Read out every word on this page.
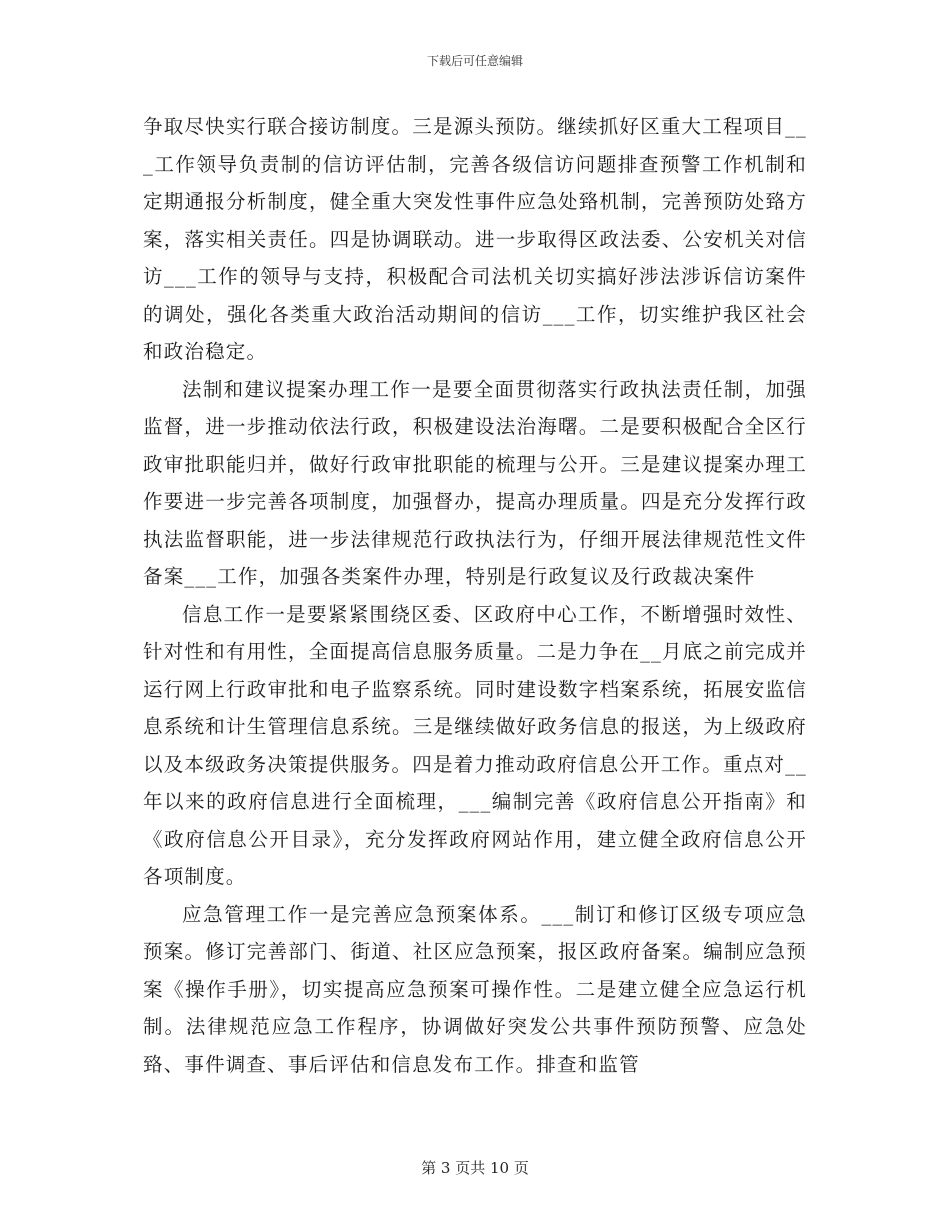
下载后可任意编辑

争取尽快实行联合接访制度。三是源头预防。继续抓好区重大工程项目___工作领导负责制的信访评估制，完善各级信访问题排查预警工作机制和定期通报分析制度，健全重大突发性事件应急处臵机制，完善预防处臵方案，落实相关责任。四是协调联动。进一步取得区政法委、公安机关对信访___工作的领导与支持，积极配合司法机关切实搞好涉法涉诉信访案件的调处，强化各类重大政治活动期间的信访___工作，切实维护我区社会和政治稳定。

法制和建议提案办理工作一是要全面贯彻落实行政执法责任制，加强监督，进一步推动依法行政，积极建设法治海曙。二是要积极配合全区行政审批职能归并，做好行政审批职能的梳理与公开。三是建议提案办理工作要进一步完善各项制度，加强督办，提高办理质量。四是充分发挥行政执法监督职能，进一步法律规范行政执法行为，仔细开展法律规范性文件备案___工作，加强各类案件办理，特别是行政复议及行政裁决案件

信息工作一是要紧紧围绕区委、区政府中心工作，不断增强时效性、针对性和有用性，全面提高信息服务质量。二是力争在__月底之前完成并运行网上行政审批和电子监察系统。同时建设数字档案系统，拓展安监信息系统和计生管理信息系统。三是继续做好政务信息的报送，为上级政府以及本级政务决策提供服务。四是着力推动政府信息公开工作。重点对__年以来的政府信息进行全面梳理，___编制完善《政府信息公开指南》和《政府信息公开目录》，充分发挥政府网站作用，建立健全政府信息公开各项制度。

应急管理工作一是完善应急预案体系。___制订和修订区级专项应急预案。修订完善部门、街道、社区应急预案，报区政府备案。编制应急预案《操作手册》，切实提高应急预案可操作性。二是建立健全应急运行机制。法律规范应急工作程序，协调做好突发公共事件预防预警、应急处臵、事件调查、事后评估和信息发布工作。排查和监管

第 3 页共 10 页
